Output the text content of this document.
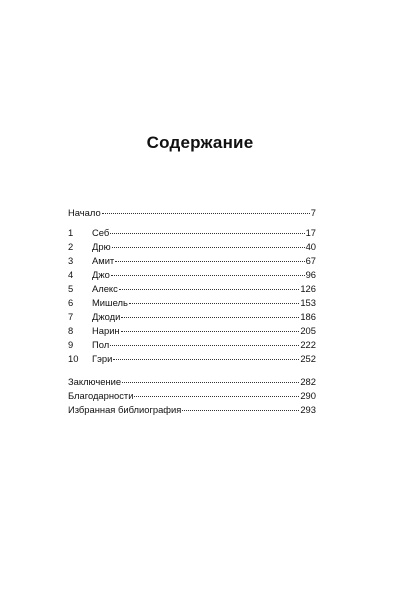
Содержание
Начало	7
1	Себ	17
2	Дрю	40
3	Амит	67
4	Джо	96
5	Алекс	126
6	Мишель	153
7	Джоди	186
8	Нарин	205
9	Пол	222
10	Гэри	252
Заключение	282
Благодарности	290
Избранная библиография	293
